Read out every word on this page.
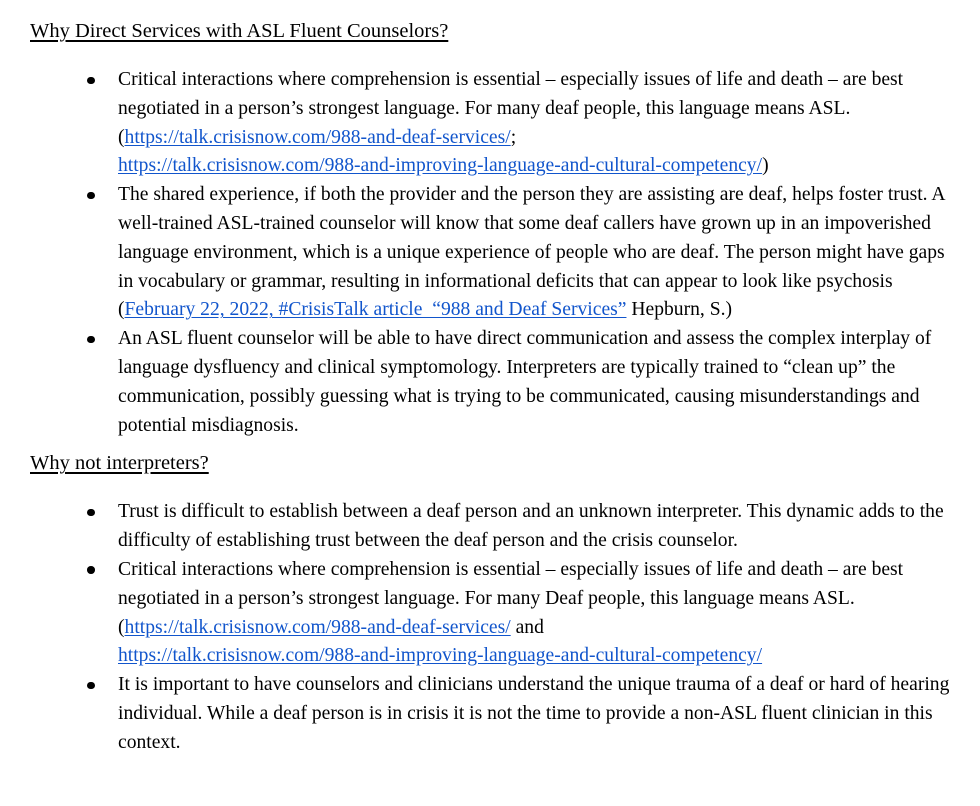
Why Direct Services with ASL Fluent Counselors?
Critical interactions where comprehension is essential – especially issues of life and death – are best negotiated in a person’s strongest language. For many deaf people, this language means ASL. (https://talk.crisisnow.com/988-and-deaf-services/; https://talk.crisisnow.com/988-and-improving-language-and-cultural-competency/)
The shared experience, if both the provider and the person they are assisting are deaf, helps foster trust. A well-trained ASL-trained counselor will know that some deaf callers have grown up in an impoverished language environment, which is a unique experience of people who are deaf. The person might have gaps in vocabulary or grammar, resulting in informational deficits that can appear to look like psychosis (February 22, 2022, #CrisisTalk article  “988 and Deaf Services” Hepburn, S.)
An ASL fluent counselor will be able to have direct communication and assess the complex interplay of language dysfluency and clinical symptomology. Interpreters are typically trained to “clean up” the communication, possibly guessing what is trying to be communicated, causing misunderstandings and potential misdiagnosis.
Why not interpreters?
Trust is difficult to establish between a deaf person and an unknown interpreter. This dynamic adds to the difficulty of establishing trust between the deaf person and the crisis counselor.
Critical interactions where comprehension is essential – especially issues of life and death – are best negotiated in a person’s strongest language. For many Deaf people, this language means ASL. (https://talk.crisisnow.com/988-and-deaf-services/ and https://talk.crisisnow.com/988-and-improving-language-and-cultural-competency/
It is important to have counselors and clinicians understand the unique trauma of a deaf or hard of hearing individual. While a deaf person is in crisis it is not the time to provide a non-ASL fluent clinician in this context.
